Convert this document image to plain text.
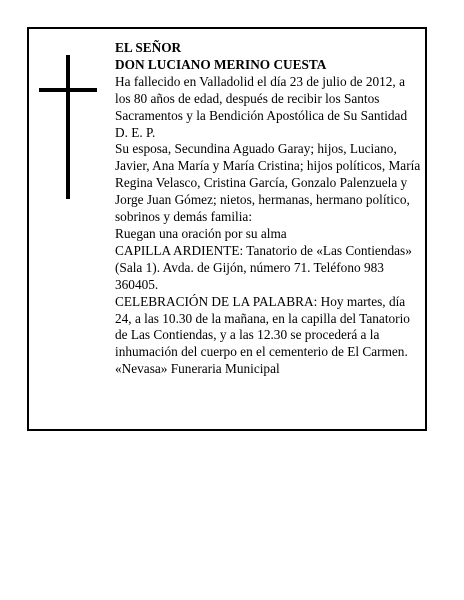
EL SEÑOR

DON LUCIANO MERINO CUESTA

Ha fallecido en Valladolid el día 23 de julio de 2012, a los 80 años de edad, después de recibir los Santos Sacramentos y la Bendición Apostólica de Su Santidad D. E. P.

Su esposa, Secundina Aguado Garay; hijos, Luciano, Javier, Ana María y María Cristina; hijos políticos, María Regina Velasco, Cristina García, Gonzalo Palenzuela y Jorge Juan Gómez; nietos, hermanas, hermano político, sobrinos y demás familia:

Ruegan una oración por su alma

CAPILLA ARDIENTE: Tanatorio de «Las Contiendas» (Sala 1). Avda. de Gijón, número 71. Teléfono 983 360405.

CELEBRACIÓN DE LA PALABRA: Hoy martes, día 24, a las 10.30 de la mañana, en la capilla del Tanatorio de Las Contiendas, y a las 12.30 se procederá a la inhumación del cuerpo en el cementerio de El Carmen.

«Nevasa» Funeraria Municipal
